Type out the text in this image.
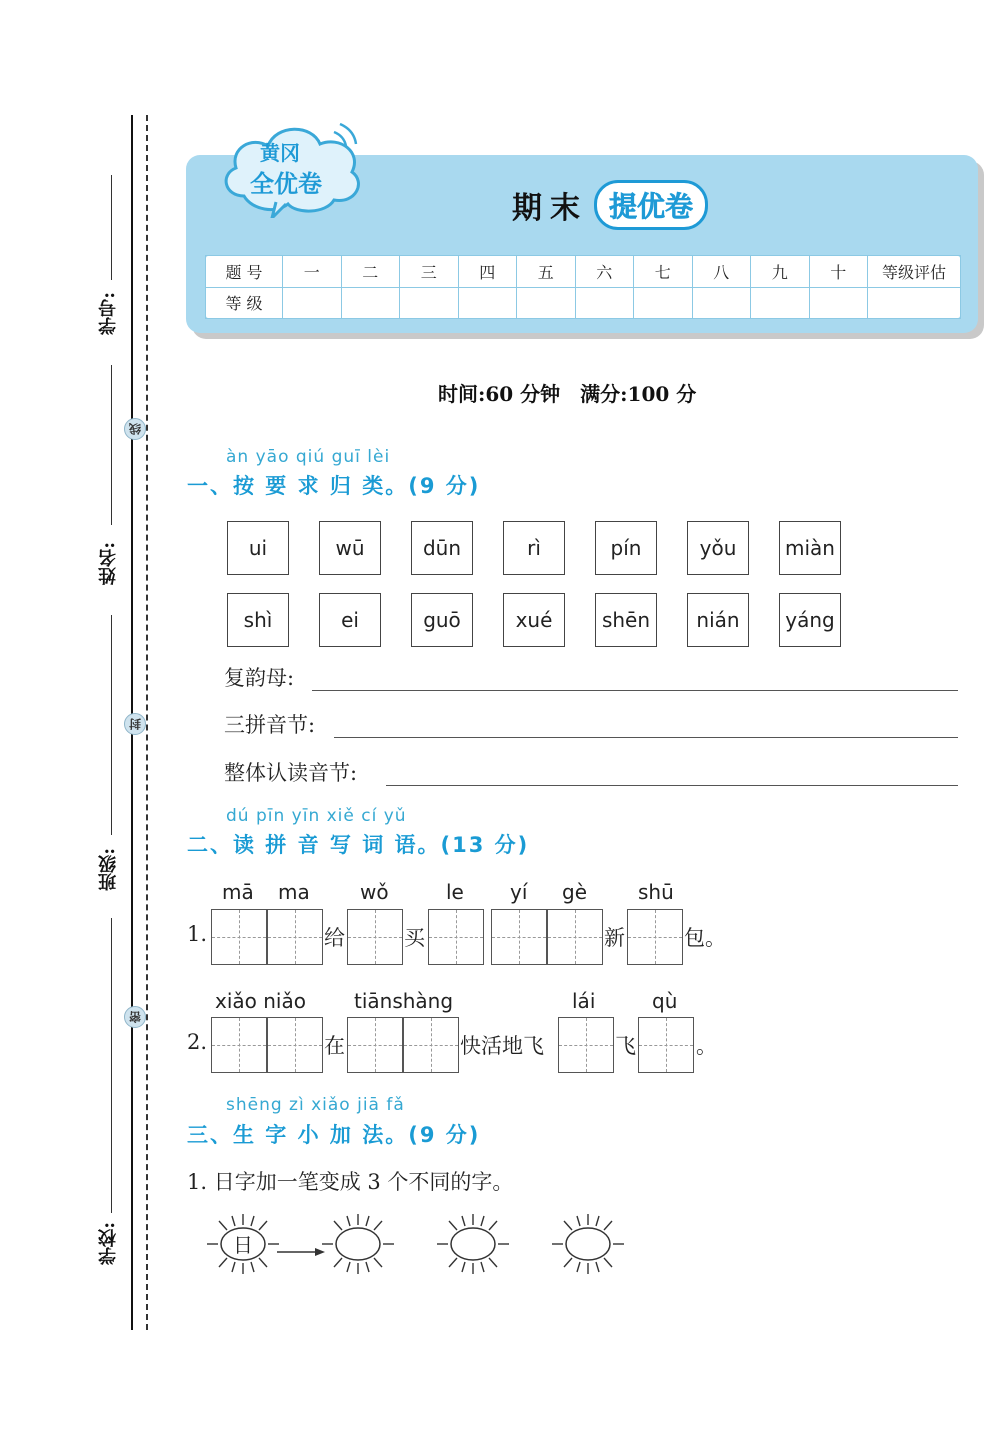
学号:
姓名:
班级:
学校:
线
封
密
黄冈
全优卷
期末 提优卷
题 号	一	二	三	四	五	六	七	八	九	十	等级评估
等 级											
时间:60 分钟　满分:100 分
àn yāo qiú guī lèi
一、按 要 求 归 类。(9 分)
ui	wū	dūn	rì	pín	yǒu	miàn
shì	ei	guō	xué	shēn	nián	yáng
复韵母:
三拼音节:
整体认读音节:
dú pīn yīn xiě cí yǔ
二、读 拼 音 写 词 语。(13 分)
mā ma	wǒ	le yí gè	shū
1.	给	买	新	包。
xiǎo niǎo tiānshàng	lái	qù
2.	在	快活地飞	飞	。
shēng zì xiǎo jiā fǎ
三、生 字 小 加 法。(9 分)
1. 日字加一笔变成 3 个不同的字。
日
